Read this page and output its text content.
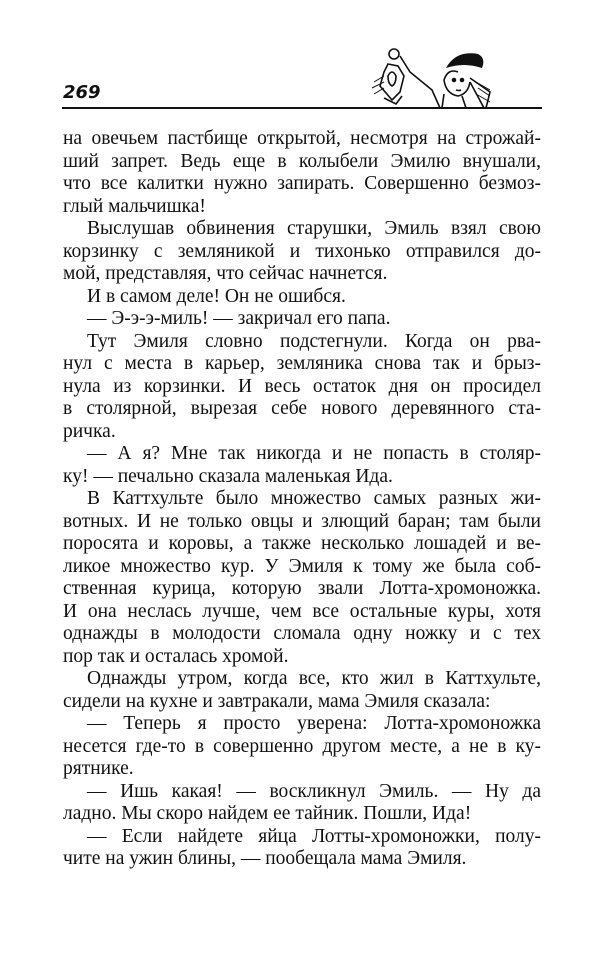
269
на овечьем пастбище открытой, несмотря на строжай-
ший запрет. Ведь еще в колыбели Эмилю внушали,
что все калитки нужно запирать. Совершенно безмоз-
глый мальчишка!
Выслушав обвинения старушки, Эмиль взял свою
корзинку с земляникой и тихонько отправился до-
мой, представляя, что сейчас начнется.
И в самом деле! Он не ошибся.
— Э-э-э-миль! — закричал его папа.
Тут Эмиля словно подстегнули. Когда он рва-
нул с места в карьер, земляника снова так и брыз-
нула из корзинки. И весь остаток дня он просидел
в столярной, вырезая себе нового деревянного ста-
ричка.
— А я? Мне так никогда и не попасть в столяр-
ку! — печально сказала маленькая Ида.
В Каттхульте было множество самых разных жи-
вотных. И не только овцы и злющий баран; там были
поросята и коровы, а также несколько лошадей и ве-
ликое множество кур. У Эмиля к тому же была соб-
ственная курица, которую звали Лотта-хромоножка.
И она неслась лучше, чем все остальные куры, хотя
однажды в молодости сломала одну ножку и с тех
пор так и осталась хромой.
Однажды утром, когда все, кто жил в Каттхульте,
сидели на кухне и завтракали, мама Эмиля сказала:
— Теперь я просто уверена: Лотта-хромоножка
несется где-то в совершенно другом месте, а не в ку-
рятнике.
— Ишь какая! — воскликнул Эмиль. — Ну да
ладно. Мы скоро найдем ее тайник. Пошли, Ида!
— Если найдете яйца Лотты-хромоножки, полу-
чите на ужин блины, — пообещала мама Эмиля.
